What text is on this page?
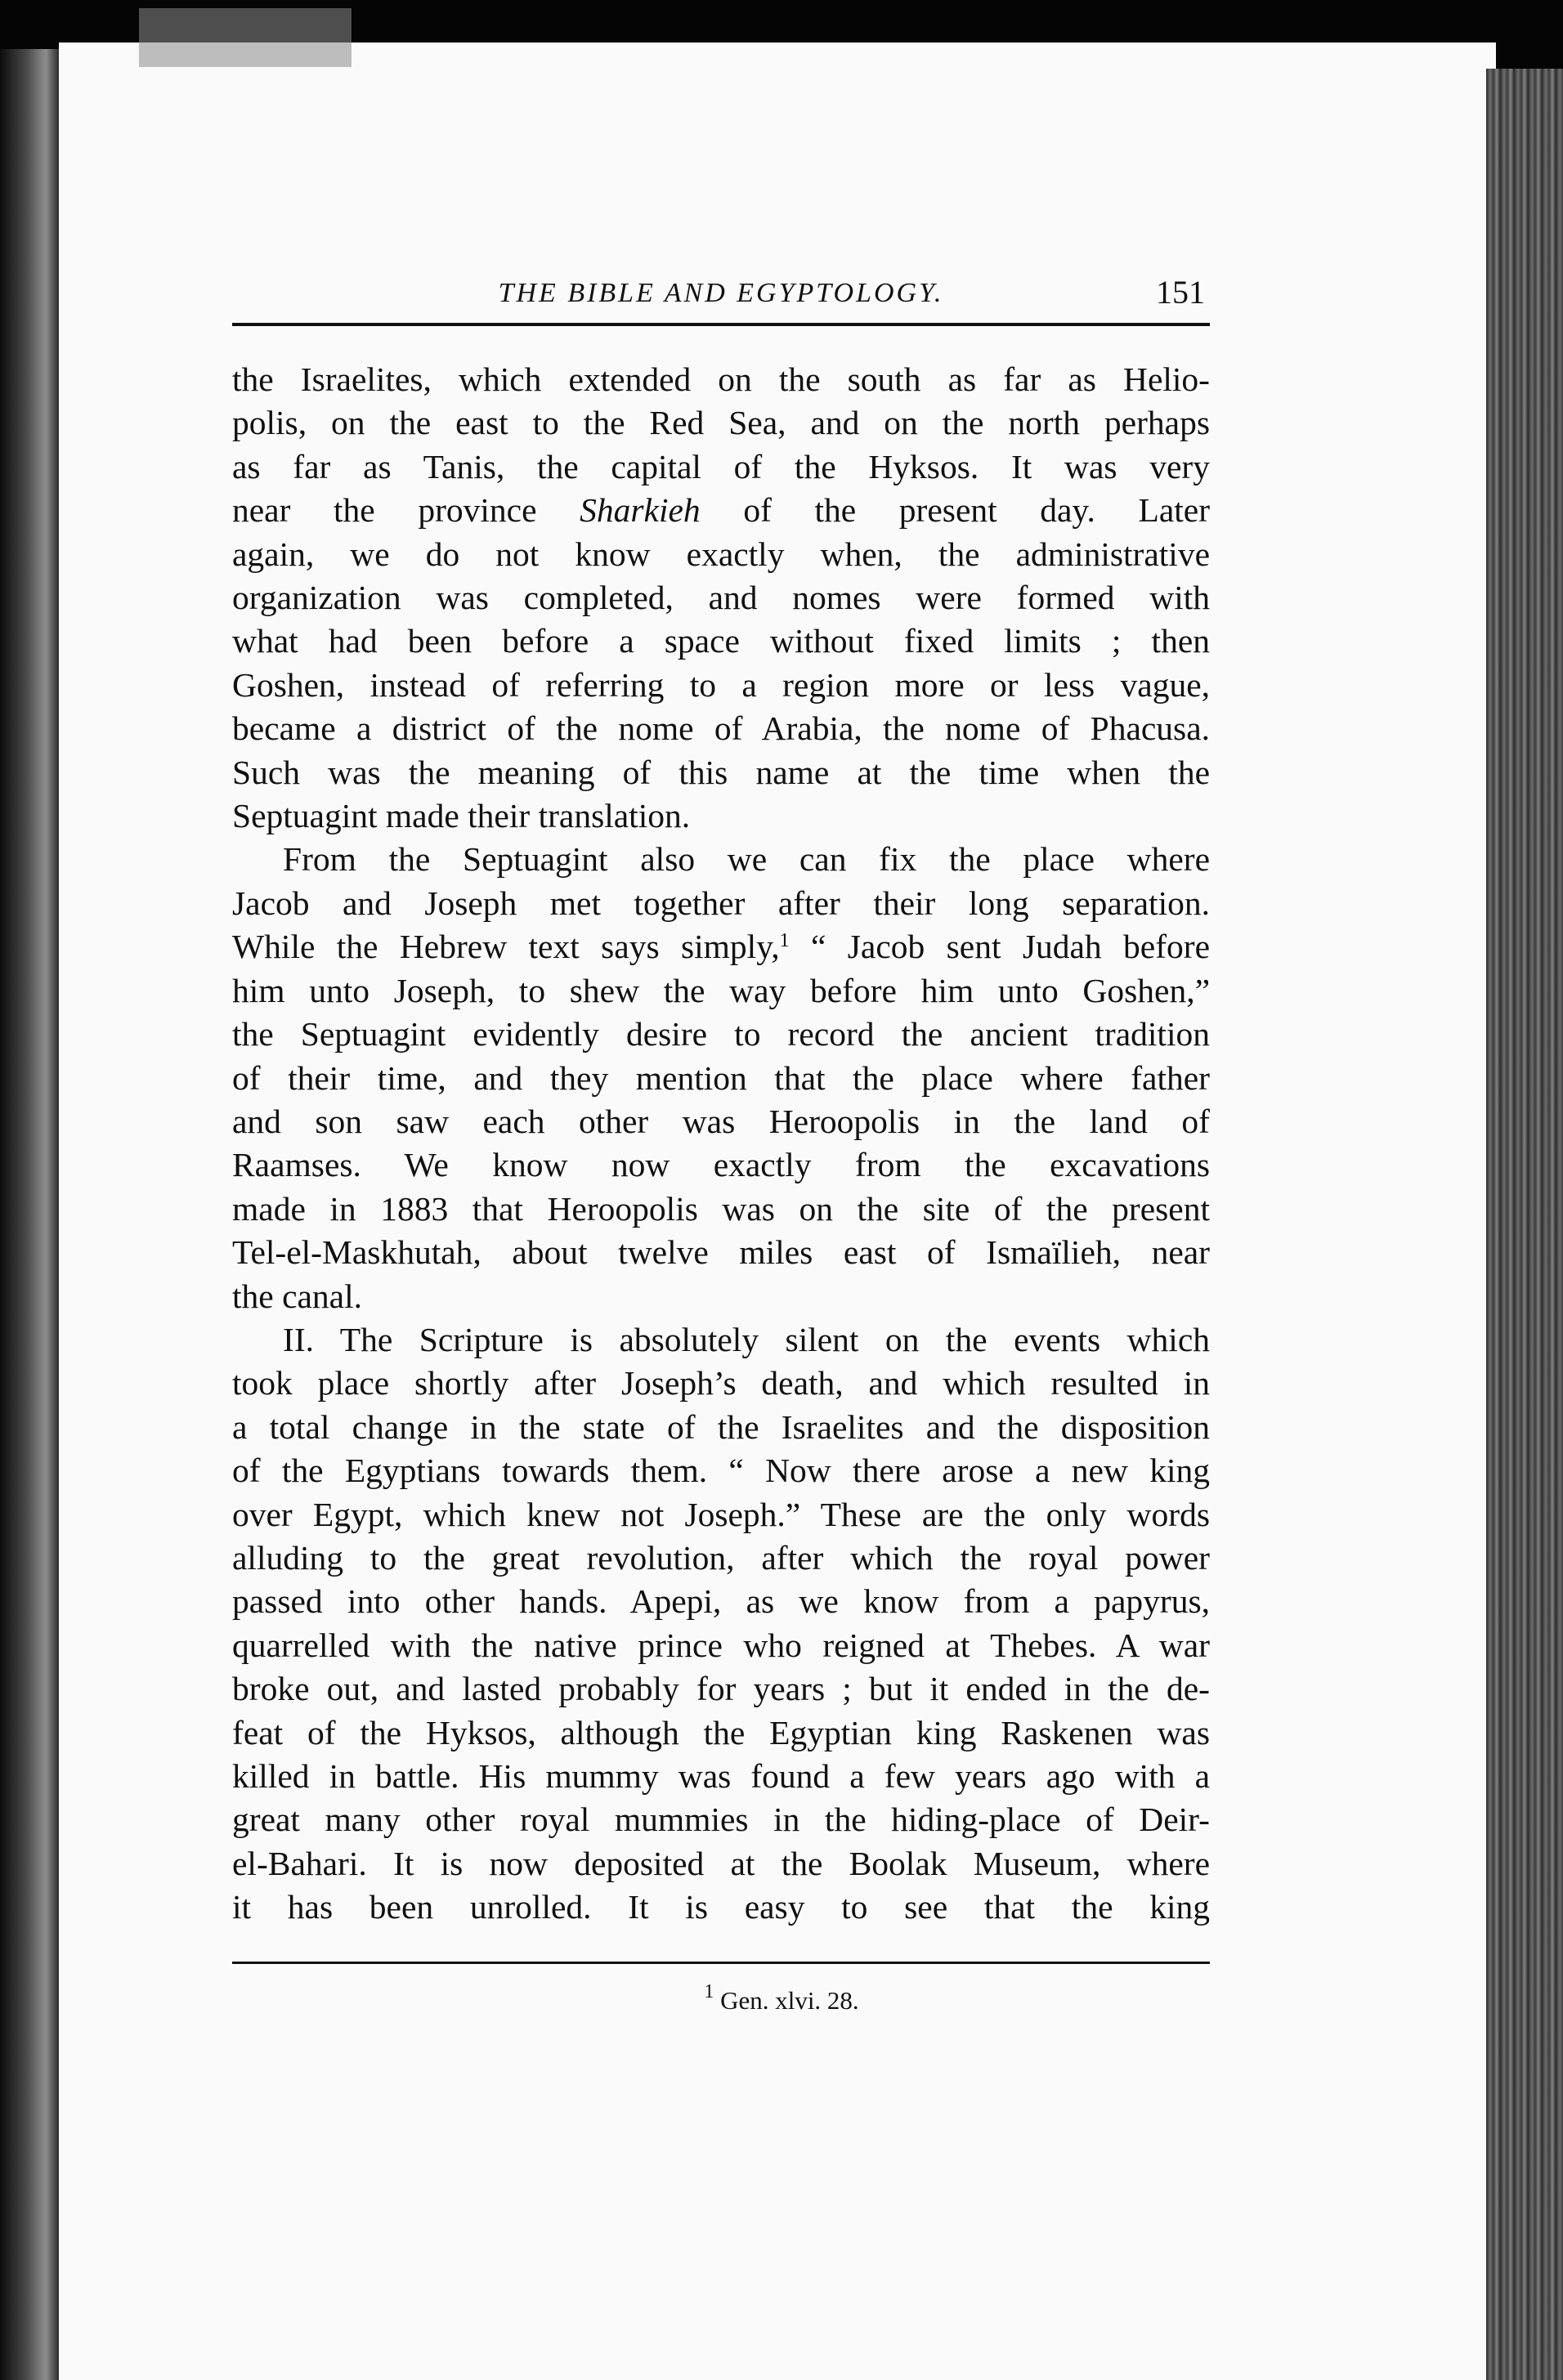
THE BIBLE AND EGYPTOLOGY.	151
the Israelites, which extended on the south as far as Helio-
polis, on the east to the Red Sea, and on the north perhaps
as far as Tanis, the capital of the Hyksos. It was very
near the province Sharkieh of the present day. Later
again, we do not know exactly when, the administrative
organization was completed, and nomes were formed with
what had been before a space without fixed limits ; then
Goshen, instead of referring to a region more or less vague,
became a district of the nome of Arabia, the nome of Phacusa.
Such was the meaning of this name at the time when the
Septuagint made their translation.
From the Septuagint also we can fix the place where
Jacob and Joseph met together after their long separation.
While the Hebrew text says simply,$^1$ “ Jacob sent Judah before
him unto Joseph, to shew the way before him unto Goshen,”
the Septuagint evidently desire to record the ancient tradition
of their time, and they mention that the place where father
and son saw each other was Heroopolis in the land of
Raamses. We know now exactly from the excavations
made in 1883 that Heroopolis was on the site of the present
Tel-el-Maskhutah, about twelve miles east of Ismaïlieh, near
the canal.
II. The Scripture is absolutely silent on the events which
took place shortly after Joseph’s death, and which resulted in
a total change in the state of the Israelites and the disposition
of the Egyptians towards them. “ Now there arose a new king
over Egypt, which knew not Joseph.” These are the only words
alluding to the great revolution, after which the royal power
passed into other hands. Apepi, as we know from a papyrus,
quarrelled with the native prince who reigned at Thebes. A war
broke out, and lasted probably for years ; but it ended in the de-
feat of the Hyksos, although the Egyptian king Raskenen was
killed in battle. His mummy was found a few years ago with a
great many other royal mummies in the hiding-place of Deir-
el-Bahari. It is now deposited at the Boolak Museum, where
it has been unrolled. It is easy to see that the king
$^1$ Gen. xlvi. 28.
